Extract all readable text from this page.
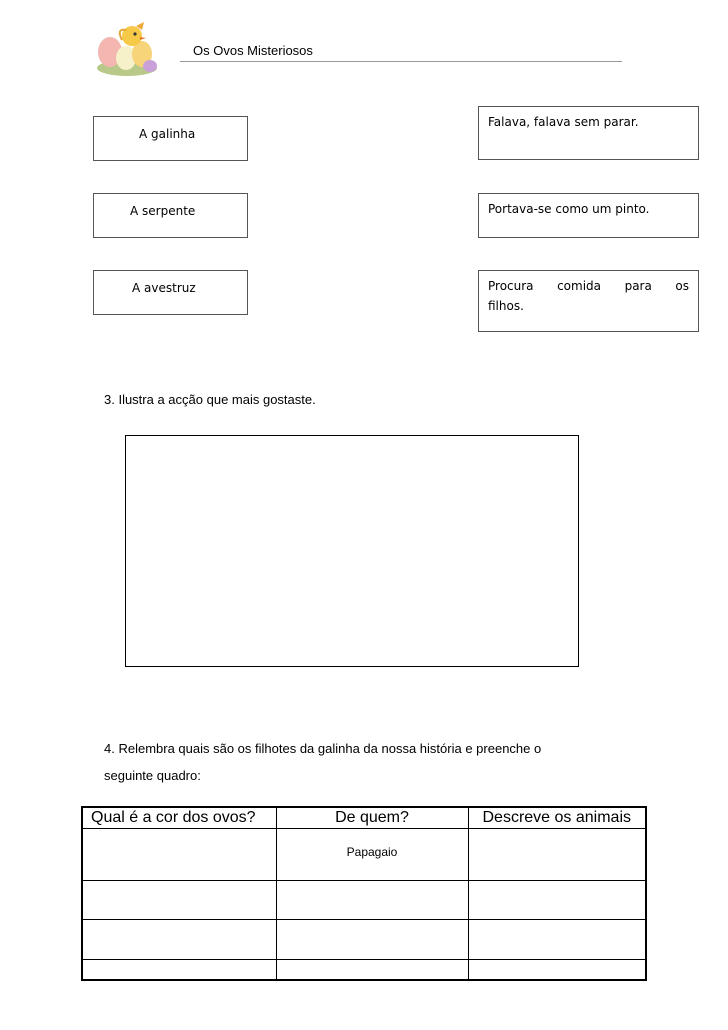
Os Ovos Misteriosos
A galinha
A serpente
A avestruz
Falava, falava sem parar.
Portava-se como um pinto.
Procura comida para os
filhos.
3. Ilustra a acção que mais gostaste.
4. Relembra quais são os filhotes da galinha da nossa história e preenche o
seguinte quadro:
Qual é a cor dos ovos?	De quem?	Descreve os animais
	Papagaio	
